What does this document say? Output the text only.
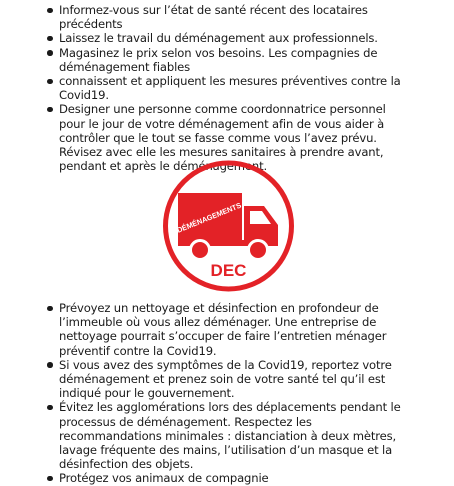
Informez-vous sur l’état de santé récent des locataires précédents
Laissez le travail du déménagement aux professionnels.
Magasinez le prix selon vos besoins. Les compagnies de déménagement fiables
connaissent et appliquent les mesures préventives contre la Covid19.
Designer une personne comme coordonnatrice personnel pour le jour de votre déménagement afin de vous aider à contrôler que le tout se fasse comme vous l’avez prévu. Révisez avec elle les mesures sanitaires à prendre avant, pendant et après le déménagement.
DÉMÉNAGEMENTS
DEC
Prévoyez un nettoyage et désinfection en profondeur de l’immeuble où vous allez déménager. Une entreprise de nettoyage pourrait s’occuper de faire l’entretien ménager préventif contre la Covid19.
Si vous avez des symptômes de la Covid19, reportez votre déménagement et prenez soin de votre santé tel qu’il est indiqué pour le gouvernement.
Évitez les agglomérations lors des déplacements pendant le processus de déménagement. Respectez les recommandations minimales : distanciation à deux mètres, lavage fréquente des mains, l’utilisation d’un masque et la désinfection des objets.
Protégez vos animaux de compagnie
